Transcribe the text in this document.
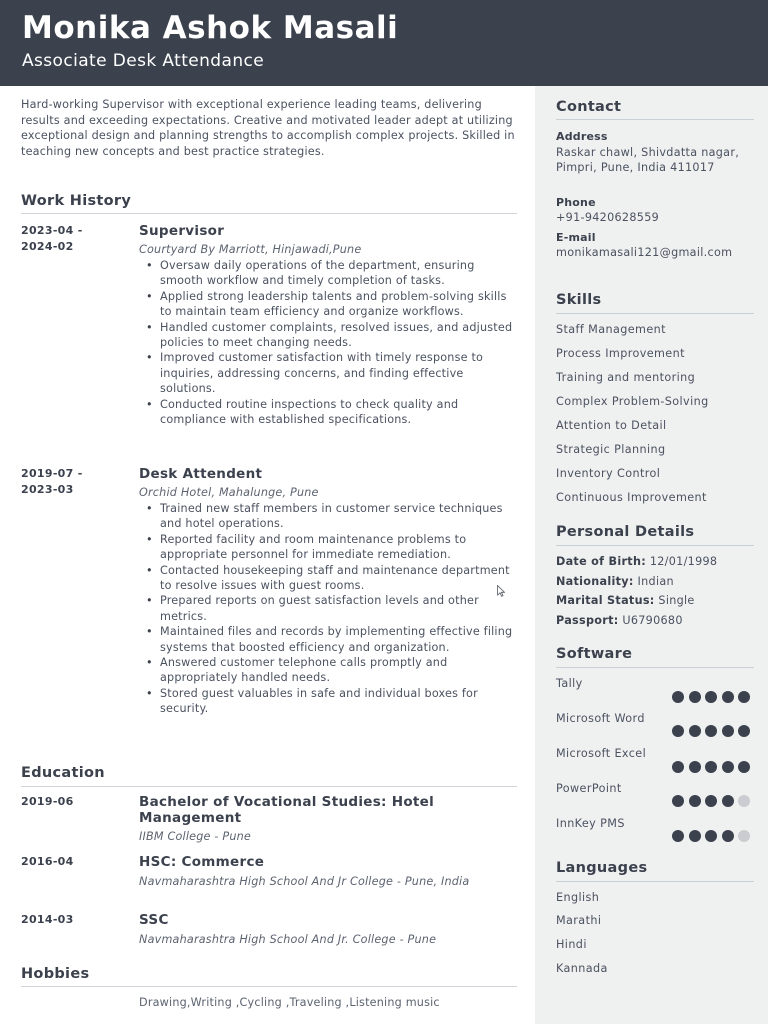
Monika Ashok Masali
Associate Desk Attendance
Hard-working Supervisor with exceptional experience leading teams, delivering results and exceeding expectations. Creative and motivated leader adept at utilizing exceptional design and planning strengths to accomplish complex projects. Skilled in teaching new concepts and best practice strategies.
Work History
2023-04 -
2024-02
Supervisor
Courtyard By Marriott, Hinjawadi,Pune
• Oversaw daily operations of the department, ensuring smooth workflow and timely completion of tasks.
• Applied strong leadership talents and problem-solving skills to maintain team efficiency and organize workflows.
• Handled customer complaints, resolved issues, and adjusted policies to meet changing needs.
• Improved customer satisfaction with timely response to inquiries, addressing concerns, and finding effective solutions.
• Conducted routine inspections to check quality and compliance with established specifications.
2019-07 -
2023-03
Desk Attendent
Orchid Hotel, Mahalunge, Pune
• Trained new staff members in customer service techniques and hotel operations.
• Reported facility and room maintenance problems to appropriate personnel for immediate remediation.
• Contacted housekeeping staff and maintenance department to resolve issues with guest rooms.
• Prepared reports on guest satisfaction levels and other metrics.
• Maintained files and records by implementing effective filing systems that boosted efficiency and organization.
• Answered customer telephone calls promptly and appropriately handled needs.
• Stored guest valuables in safe and individual boxes for security.
Education
2019-06	Bachelor of Vocational Studies: Hotel Management
IIBM College - Pune
2016-04	HSC: Commerce
Navmaharashtra High School And Jr College - Pune, India
2014-03	SSC
Navmaharashtra High School And Jr. College - Pune
Hobbies
Drawing,Writing ,Cycling ,Traveling ,Listening music
Contact
Address
Raskar chawl, Shivdatta nagar, Pimpri, Pune, India 411017
Phone
+91-9420628559
E-mail
monikamasali121@gmail.com
Skills
Staff Management
Process Improvement
Training and mentoring
Complex Problem-Solving
Attention to Detail
Strategic Planning
Inventory Control
Continuous Improvement
Personal Details
Date of Birth: 12/01/1998
Nationality: Indian
Marital Status: Single
Passport: U6790680
Software
Tally
Microsoft Word
Microsoft Excel
PowerPoint
InnKey PMS
Languages
English
Marathi
Hindi
Kannada
